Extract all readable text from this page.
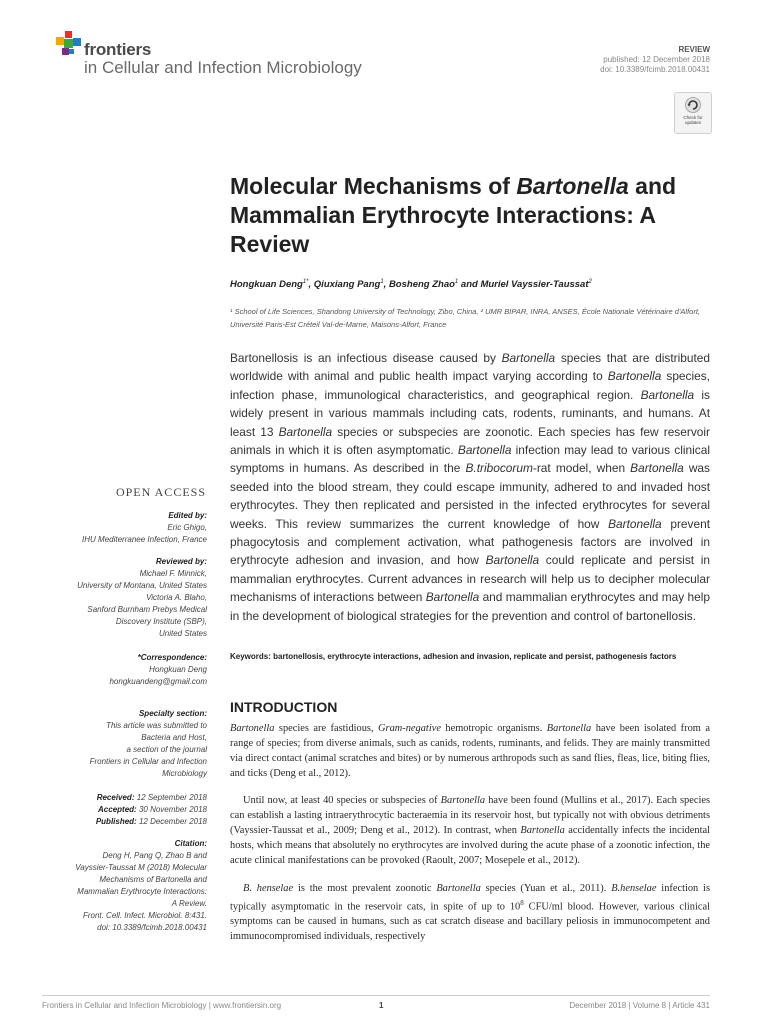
frontiers
in Cellular and Infection Microbiology
REVIEW
published: 12 December 2018
doi: 10.3389/fcimb.2018.00431
Check for updates
Molecular Mechanisms of Bartonella and Mammalian Erythrocyte Interactions: A Review
Hongkuan Deng$^{1*}$, Qiuxiang Pang$^1$, Bosheng Zhao$^1$ and Muriel Vayssier-Taussat$^2$
¹ School of Life Sciences, Shandong University of Technology, Zibo, China, ² UMR BIPAR, INRA, ANSES, École Nationale Vétérinaire d'Alfort, Université Paris-Est Créteil Val-de-Marne, Maisons-Alfort, France

Bartonellosis is an infectious disease caused by Bartonella species that are distributed worldwide with animal and public health impact varying according to Bartonella species, infection phase, immunological characteristics, and geographical region. Bartonella is widely present in various mammals including cats, rodents, ruminants, and humans. At least 13 Bartonella species or subspecies are zoonotic. Each species has few reservoir animals in which it is often asymptomatic. Bartonella infection may lead to various clinical symptoms in humans. As described in the B.tribocorum-rat model, when Bartonella was seeded into the blood stream, they could escape immunity, adhered to and invaded host erythrocytes. They then replicated and persisted in the infected erythrocytes for several weeks. This review summarizes the current knowledge of how Bartonella prevent phagocytosis and complement activation, what pathogenesis factors are involved in erythrocyte adhesion and invasion, and how Bartonella could replicate and persist in mammalian erythrocytes. Current advances in research will help us to decipher molecular mechanisms of interactions between Bartonella and mammalian erythrocytes and may help in the development of biological strategies for the prevention and control of bartonellosis.

Keywords: bartonellosis, erythrocyte interactions, adhesion and invasion, replicate and persist, pathogenesis factors

OPEN ACCESS
Edited by:
Eric Ghigo,
IHU Mediterranee Infection, France
Reviewed by:
Michael F. Minnick,
University of Montana, United States
Victoria A. Blaho,
Sanford Burnham Prebys Medical
Discovery Institute (SBP),
United States
*Correspondence:
Hongkuan Deng
hongkuandeng@gmail.com
Specialty section:
This article was submitted to
Bacteria and Host,
a section of the journal
Frontiers in Cellular and Infection
Microbiology
Received: 12 September 2018
Accepted: 30 November 2018
Published: 12 December 2018
Citation:
Deng H, Pang Q, Zhao B and
Vayssier-Taussat M (2018) Molecular
Mechanisms of Bartonella and
Mammalian Erythrocyte Interactions:
A Review.
Front. Cell. Infect. Microbiol. 8:431.
doi: 10.3389/fcimb.2018.00431
INTRODUCTION

Bartonella species are fastidious, Gram-negative hemotropic organisms. Bartonella have been isolated from a range of species; from diverse animals, such as canids, rodents, ruminants, and felids. They are mainly transmitted via direct contact (animal scratches and bites) or by numerous arthropods such as sand flies, fleas, lice, biting flies, and ticks (Deng et al., 2012).

Until now, at least 40 species or subspecies of Bartonella have been found (Mullins et al., 2017). Each species can establish a lasting intraerythrocytic bacteraemia in its reservoir host, but typically not with obvious detriments (Vayssier-Taussat et al., 2009; Deng et al., 2012). In contrast, when Bartonella accidentally infects the incidental hosts, which means that absolutely no erythrocytes are involved during the acute phase of a zoonotic infection, the acute clinical manifestations can be provoked (Raoult, 2007; Mosepele et al., 2012).

B. henselae is the most prevalent zoonotic Bartonella species (Yuan et al., 2011). B.henselae infection is typically asymptomatic in the reservoir cats, in spite of up to $10^8$ CFU/ml blood. However, various clinical symptoms can be caused in humans, such as cat scratch disease and bacillary peliosis in immunocompetent and immunocompromised individuals, respectively

Frontiers in Cellular and Infection Microbiology | www.frontiersin.org	1	December 2018 | Volume 8 | Article 431
